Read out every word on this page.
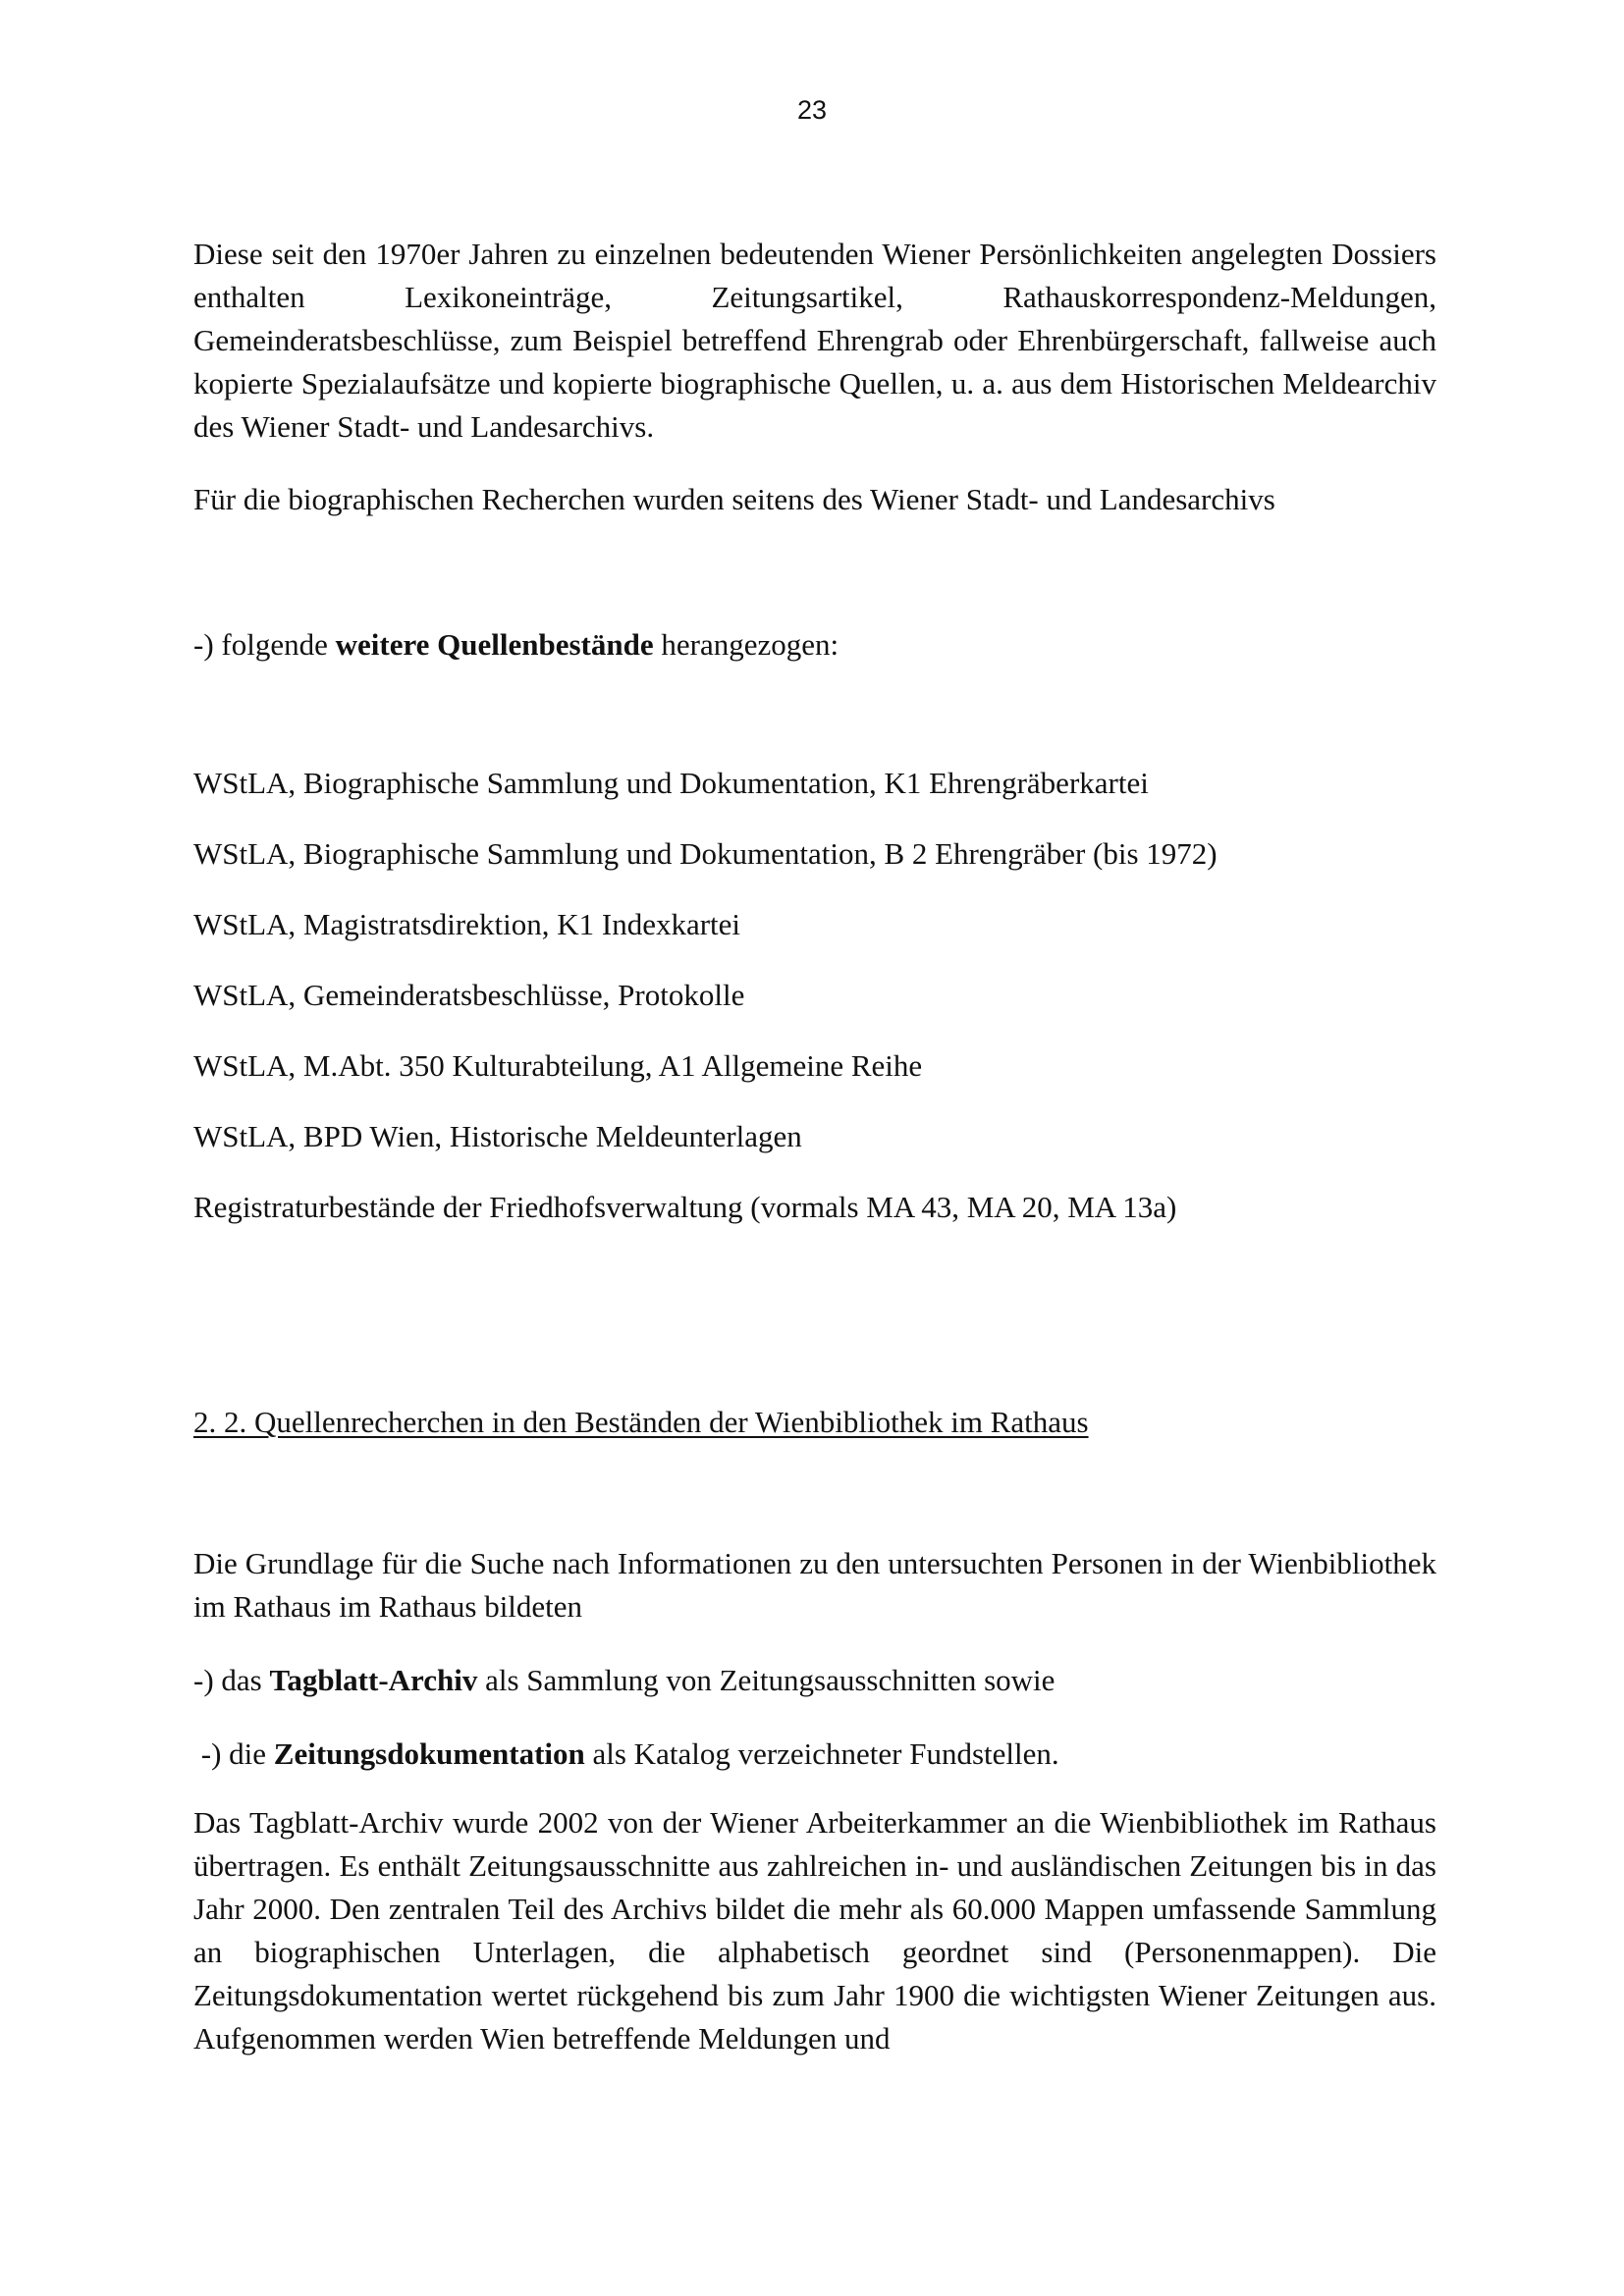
23

Diese seit den 1970er Jahren zu einzelnen bedeutenden Wiener Persönlichkeiten angelegten Dossiers enthalten Lexikoneinträge, Zeitungsartikel, Rathauskorrespondenz-Meldungen, Gemeinderatsbeschlüsse, zum Beispiel betreffend Ehrengrab oder Ehrenbürgerschaft, fallweise auch kopierte Spezialaufsätze und kopierte biographische Quellen, u. a. aus dem Historischen Meldearchiv des Wiener Stadt- und Landesarchivs.

Für die biographischen Recherchen wurden seitens des Wiener Stadt- und Landesarchivs

-) folgende weitere Quellenbestände herangezogen:

WStLA, Biographische Sammlung und Dokumentation, K1 Ehrengräberkartei

WStLA, Biographische Sammlung und Dokumentation, B 2 Ehrengräber (bis 1972)

WStLA, Magistratsdirektion, K1 Indexkartei

WStLA, Gemeinderatsbeschlüsse, Protokolle

WStLA, M.Abt. 350 Kulturabteilung, A1 Allgemeine Reihe

WStLA, BPD Wien, Historische Meldeunterlagen

Registraturbestände der Friedhofsverwaltung (vormals MA 43, MA 20, MA 13a)

2. 2. Quellenrecherchen in den Beständen der Wienbibliothek im Rathaus

Die Grundlage für die Suche nach Informationen zu den untersuchten Personen in der Wienbibliothek im Rathaus im Rathaus bildeten

-) das Tagblatt-Archiv als Sammlung von Zeitungsausschnitten sowie

-) die Zeitungsdokumentation als Katalog verzeichneter Fundstellen.

Das Tagblatt-Archiv wurde 2002 von der Wiener Arbeiterkammer an die Wienbibliothek im Rathaus übertragen. Es enthält Zeitungsausschnitte aus zahlreichen in- und ausländischen Zeitungen bis in das Jahr 2000. Den zentralen Teil des Archivs bildet die mehr als 60.000 Mappen umfassende Sammlung an biographischen Unterlagen, die alphabetisch geordnet sind (Personenmappen). Die Zeitungsdokumentation wertet rückgehend bis zum Jahr 1900 die wichtigsten Wiener Zeitungen aus. Aufgenommen werden Wien betreffende Meldungen und
